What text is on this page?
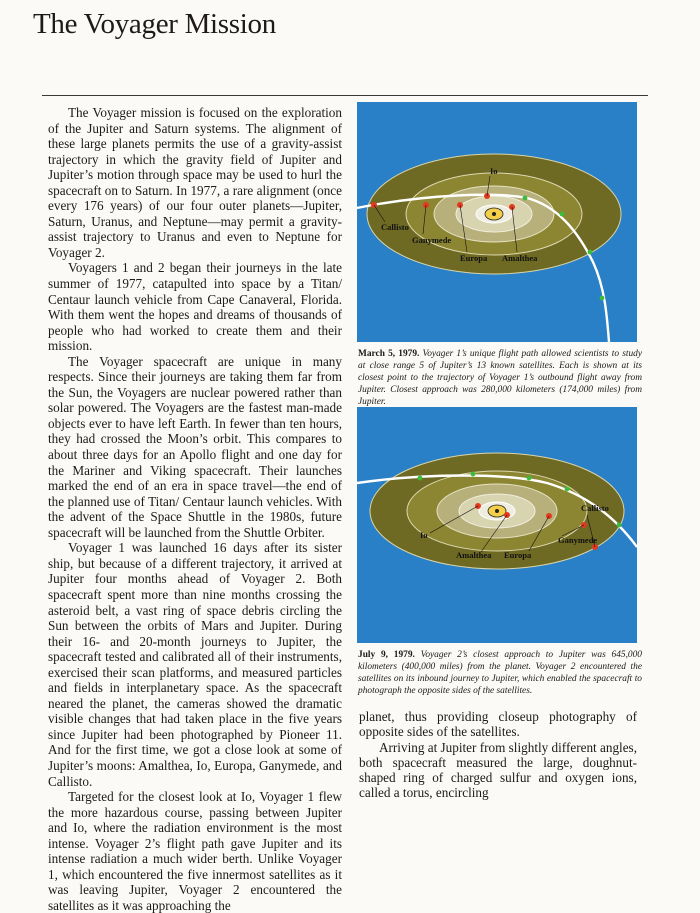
The Voyager Mission

The Voyager mission is focused on the exploration of the Jupiter and Saturn systems. The alignment of these large planets permits the use of a gravity-assist trajectory in which the gravity field of Jupiter and Jupiter’s motion through space may be used to hurl the spacecraft on to Saturn. In 1977, a rare alignment (once every 176 years) of our four outer planets—Jupiter, Saturn, Uranus, and Neptune—may permit a gravity-assist trajectory to Uranus and even to Neptune for Voyager 2.

Voyagers 1 and 2 began their journeys in the late summer of 1977, catapulted into space by a Titan/ Centaur launch vehicle from Cape Canaveral, Florida. With them went the hopes and dreams of thousands of people who had worked to create them and their mission.

The Voyager spacecraft are unique in many respects. Since their journeys are taking them far from the Sun, the Voyagers are nuclear powered rather than solar powered. The Voyagers are the fastest man-made objects ever to have left Earth. In fewer than ten hours, they had crossed the Moon’s orbit. This compares to about three days for an Apollo flight and one day for the Mariner and Viking spacecraft. Their launches marked the end of an era in space travel—the end of the planned use of Titan/ Centaur launch vehicles. With the advent of the Space Shuttle in the 1980s, future spacecraft will be launched from the Shuttle Orbiter.

Voyager 1 was launched 16 days after its sister ship, but because of a different trajectory, it arrived at Jupiter four months ahead of Voyager 2. Both spacecraft spent more than nine months crossing the asteroid belt, a vast ring of space debris circling the Sun between the orbits of Mars and Jupiter. During their 16- and 20-month journeys to Jupiter, the spacecraft tested and calibrated all of their instruments, exercised their scan platforms, and measured particles and fields in interplanetary space. As the spacecraft neared the planet, the cameras showed the dramatic visible changes that had taken place in the five years since Jupiter had been photographed by Pioneer 11. And for the first time, we got a close look at some of Jupiter’s moons: Amalthea, Io, Europa, Ganymede, and Callisto.

Targeted for the closest look at Io, Voyager 1 flew the more hazardous course, passing between Jupiter and Io, where the radiation environment is the most intense. Voyager 2’s flight path gave Jupiter and its intense radiation a much wider berth. Unlike Voyager 1, which encountered the five innermost satellites as it was leaving Jupiter, Voyager 2 encountered the satellites as it was approaching the

Callisto
Ganymede
Europa
Io
Amalthea
March 5, 1979. Voyager 1’s unique flight path allowed scientists to study at close range 5 of Jupiter’s 13 known satellites. Each is shown at its closest point to the trajectory of Voyager 1’s outbound flight away from Jupiter. Closest approach was 280,000 kilometers (174,000 miles) from Jupiter.
Io
Amalthea Europa
Ganymede
Callisto
July 9, 1979. Voyager 2’s closest approach to Jupiter was 645,000 kilometers (400,000 miles) from the planet. Voyager 2 encountered the satellites on its inbound journey to Jupiter, which enabled the spacecraft to photograph the opposite sides of the satellites.

planet, thus providing closeup photography of opposite sides of the satellites.

Arriving at Jupiter from slightly different angles, both spacecraft measured the large, doughnut-shaped ring of charged sulfur and oxygen ions, called a torus, encircling
